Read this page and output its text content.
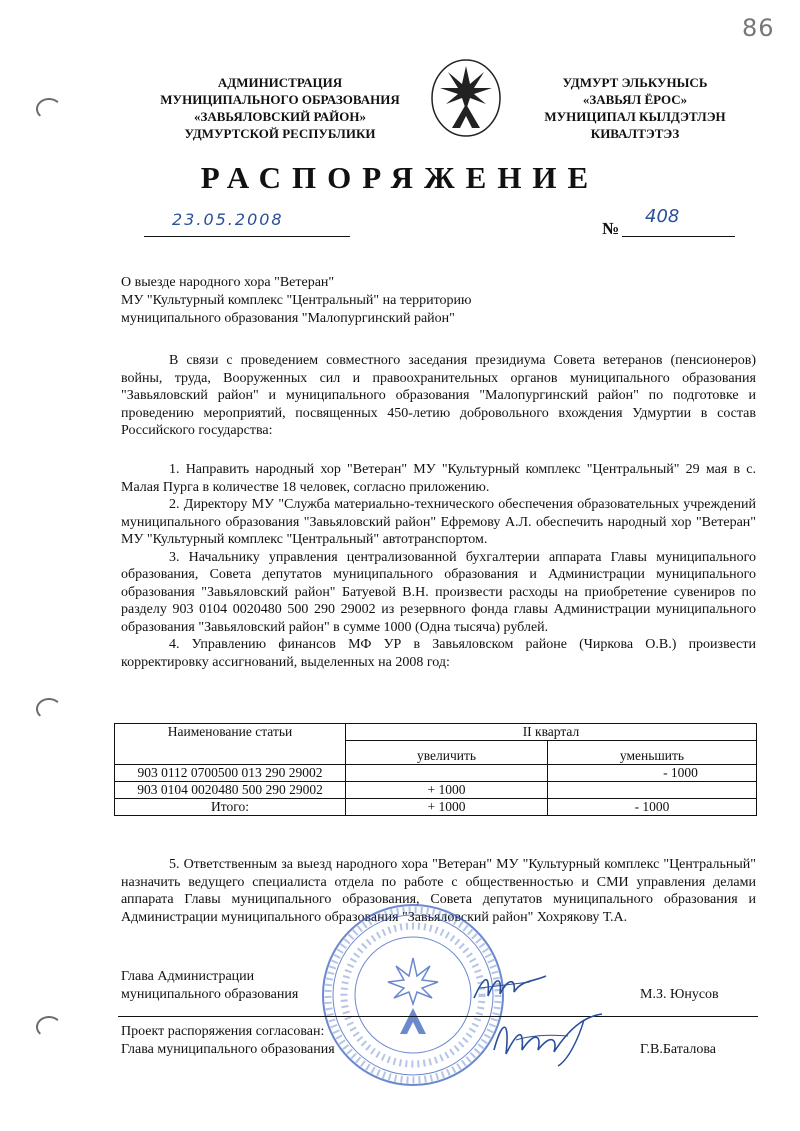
86
АДМИНИСТРАЦИЯ
МУНИЦИПАЛЬНОГО ОБРАЗОВАНИЯ
«ЗАВЬЯЛОВСКИЙ РАЙОН»
УДМУРТСКОЙ РЕСПУБЛИКИ
УДМУРТ ЭЛЬКУНЫСЬ
«ЗАВЬЯЛ ЁРОС»
МУНИЦИПАЛ КЫЛДЭТЛЭН
КИВАЛТЭТЭЗ
РАСПОРЯЖЕНИЕ
23.05.2008	№
408
О выезде народного хора "Ветеран"
МУ "Культурный комплекс "Центральный" на территорию
муниципального образования "Малопургинский район"

В связи с проведением совместного заседания президиума Совета ветеранов (пенсионеров) войны, труда, Вооруженных сил и правоохранительных органов муниципального образования "Завьяловский район" и муниципального образования "Малопургинский район" по подготовке и проведению мероприятий, посвященных 450-летию добровольного вхождения Удмуртии в состав Российского государства:

1. Направить народный хор "Ветеран" МУ "Культурный комплекс "Центральный" 29 мая в с. Малая Пурга в количестве 18 человек, согласно приложению.

2. Директору МУ "Служба материально-технического обеспечения образовательных учреждений муниципального образования "Завьяловский район" Ефремову А.Л. обеспечить народный хор "Ветеран" МУ "Культурный комплекс "Центральный" автотранспортом.

3. Начальнику управления централизованной бухгалтерии аппарата Главы муниципального образования, Совета депутатов муниципального образования и Администрации муниципального образования "Завьяловский район" Батуевой В.Н. произвести расходы на приобретение сувениров по разделу 903 0104 0020480 500 290 29002 из резервного фонда главы Администрации муниципального образования "Завьяловский район" в сумме 1000 (Одна тысяча) рублей.

4. Управлению финансов МФ УР в Завьяловском районе (Чиркова О.В.) произвести корректировку ассигнований, выделенных на 2008 год:

Наименование статьи	II квартал	
	увеличить	уменьшить
903 0112 0700500 013 290 29002		- 1000
903 0104 0020480 500 290 29002	+ 1000	
Итого:	+ 1000	- 1000

5. Ответственным за выезд народного хора "Ветеран" МУ "Культурный комплекс "Центральный" назначить ведущего специалиста отдела по работе с общественностью и СМИ управления делами аппарата Главы муниципального образования, Совета депутатов муниципального образования и Администрации муниципального образования "Завьяловский район" Хохрякову Т.А.

Глава Администрации
муниципального образования	М.З. Юнусов
Проект распоряжения согласован:
Глава муниципального образования	Г.В.Баталова
